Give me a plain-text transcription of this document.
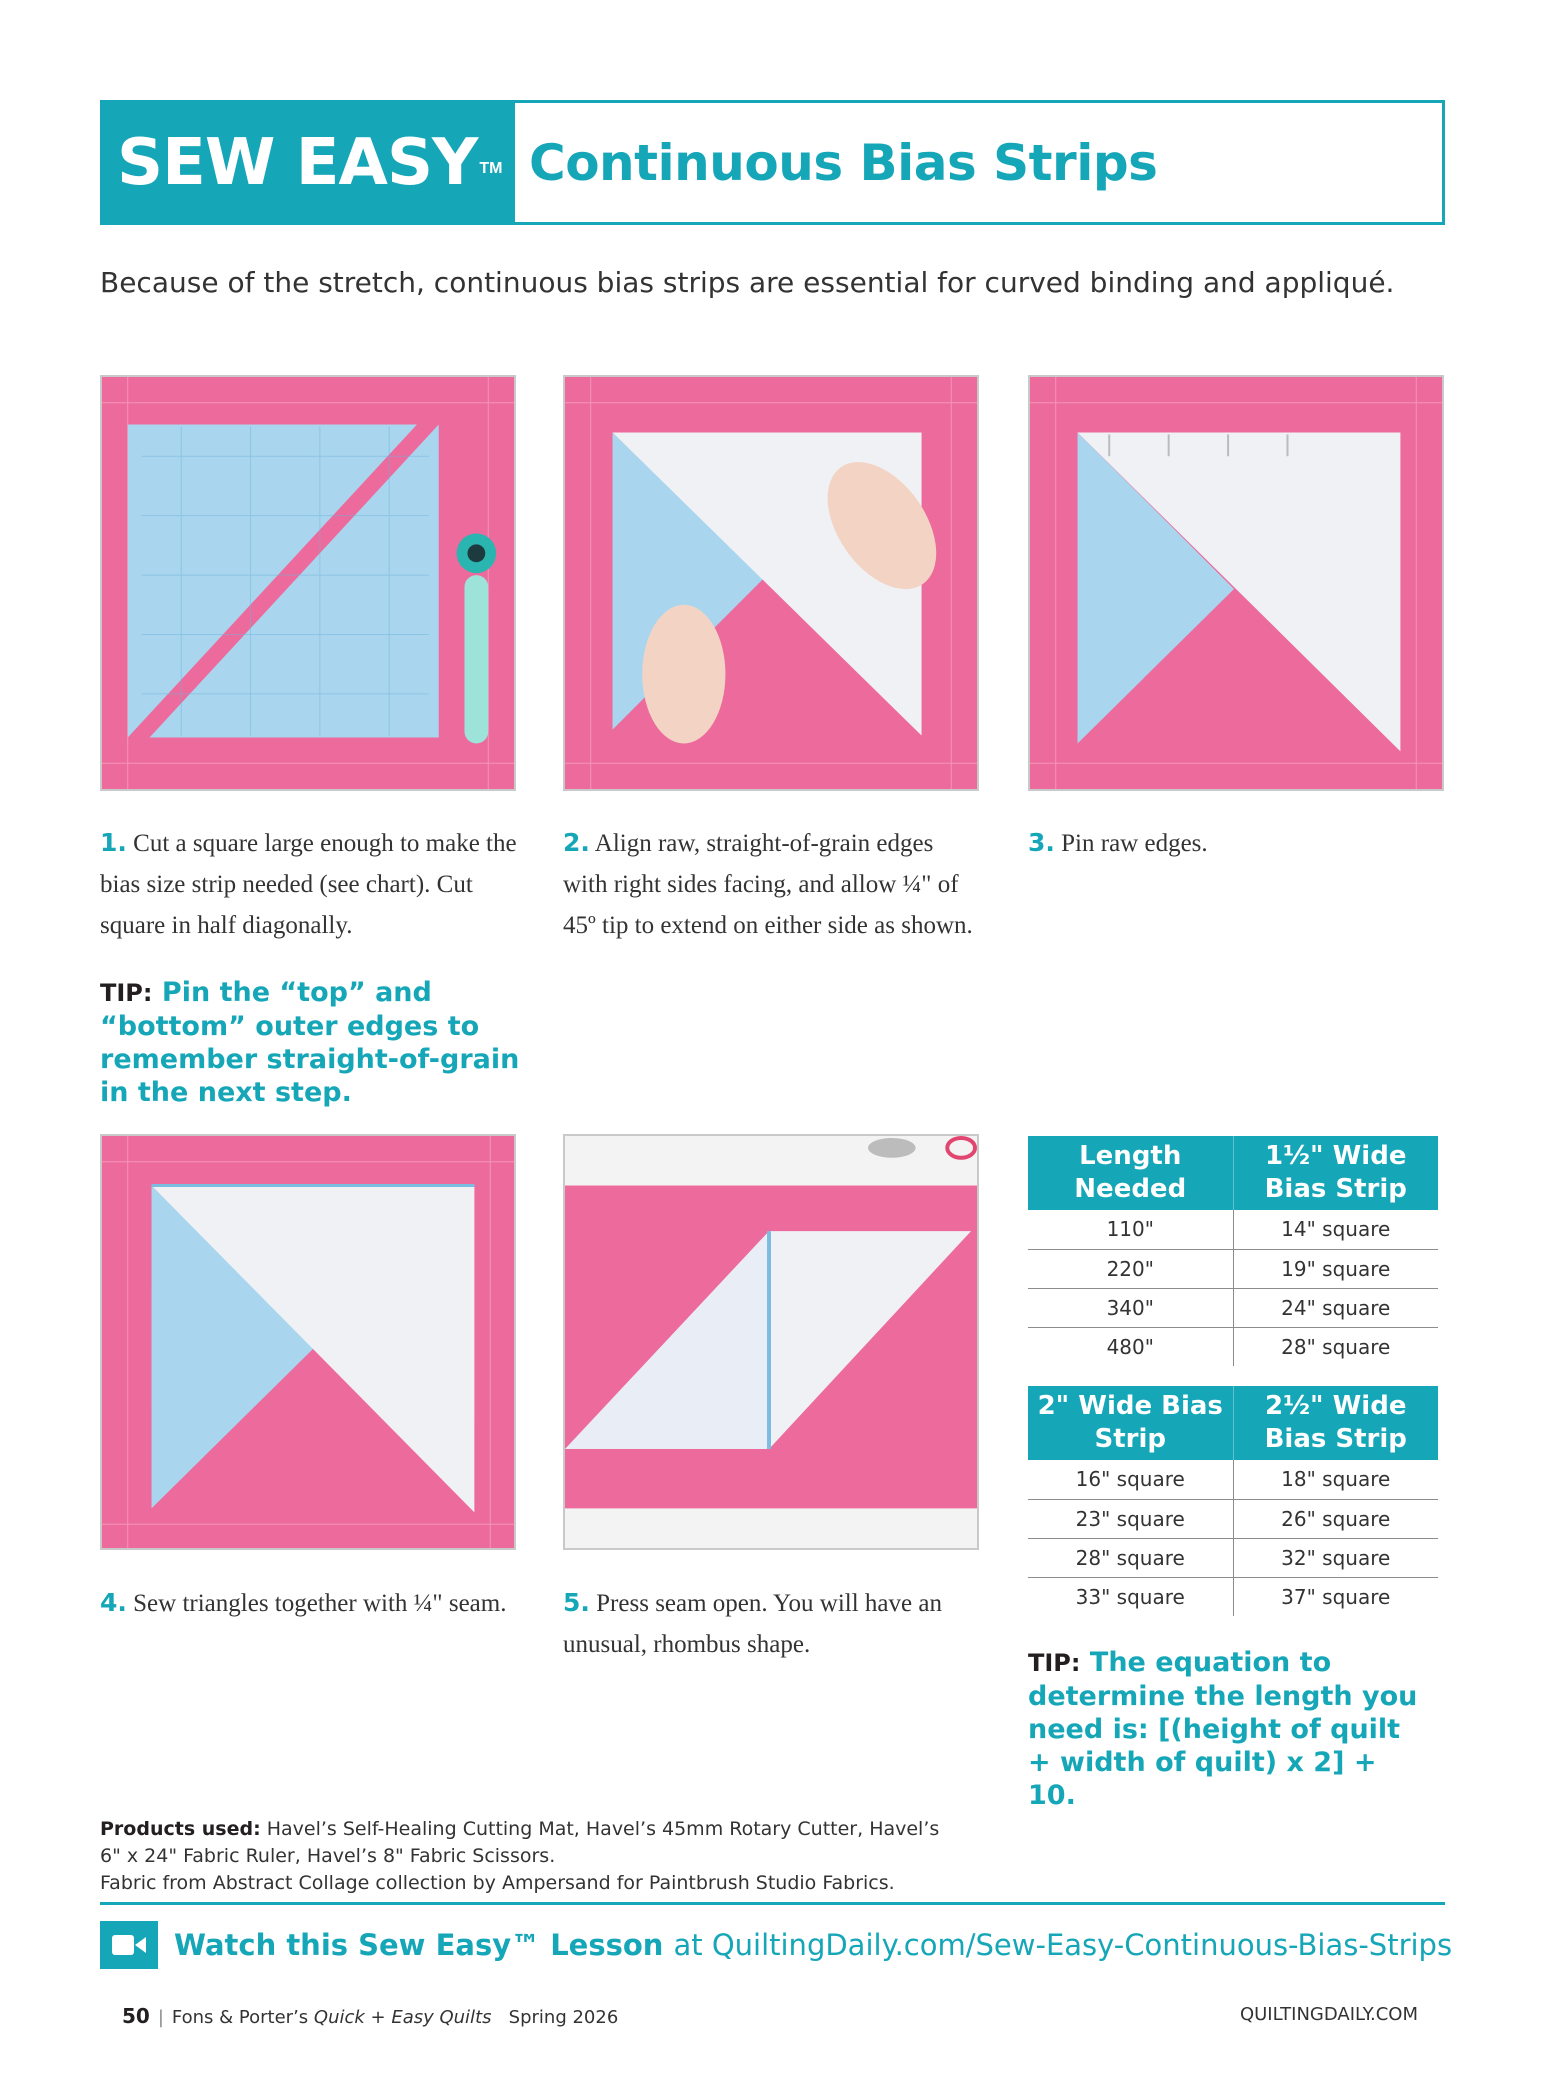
SEW EASY™ Continuous Bias Strips
Because of the stretch, continuous bias strips are essential for curved binding and appliqué.
1. Cut a square large enough to make the bias size strip needed (see chart). Cut square in half diagonally.
2. Align raw, straight-of-grain edges with right sides facing, and allow ¼" of 45º tip to extend on either side as shown.
3. Pin raw edges.
4. Sew triangles together with ¼" seam.	5. Press seam open. You will have an unusual, rhombus shape.
TIP: Pin the “top” and “bottom” outer edges to remember straight-of-grain in the next step.
TIP: The equation to determine the length you need is: [(height of quilt + width of quilt) x 2] + 10.
Length Needed	1½" Wide Bias Strip
110"	14" square
220"	19" square
340"	24" square
480"	28" square
2" Wide Bias Strip	2½" Wide Bias Strip
16" square	18" square
23" square	26" square
28" square	32" square
33" square	37" square
Products used: Havel’s Self-Healing Cutting Mat, Havel’s 45mm Rotary Cutter, Havel’s
6" x 24" Fabric Ruler, Havel’s 8" Fabric Scissors.
Fabric from Abstract Collage collection by Ampersand for Paintbrush Studio Fabrics.
Watch this Sew Easy™ Lesson at QuiltingDaily.com/Sew-Easy-Continuous-Bias-Strips
50 | Fons & Porter’s Quick + Easy Quilts Spring 2026	QUILTINGDAILY.COM
